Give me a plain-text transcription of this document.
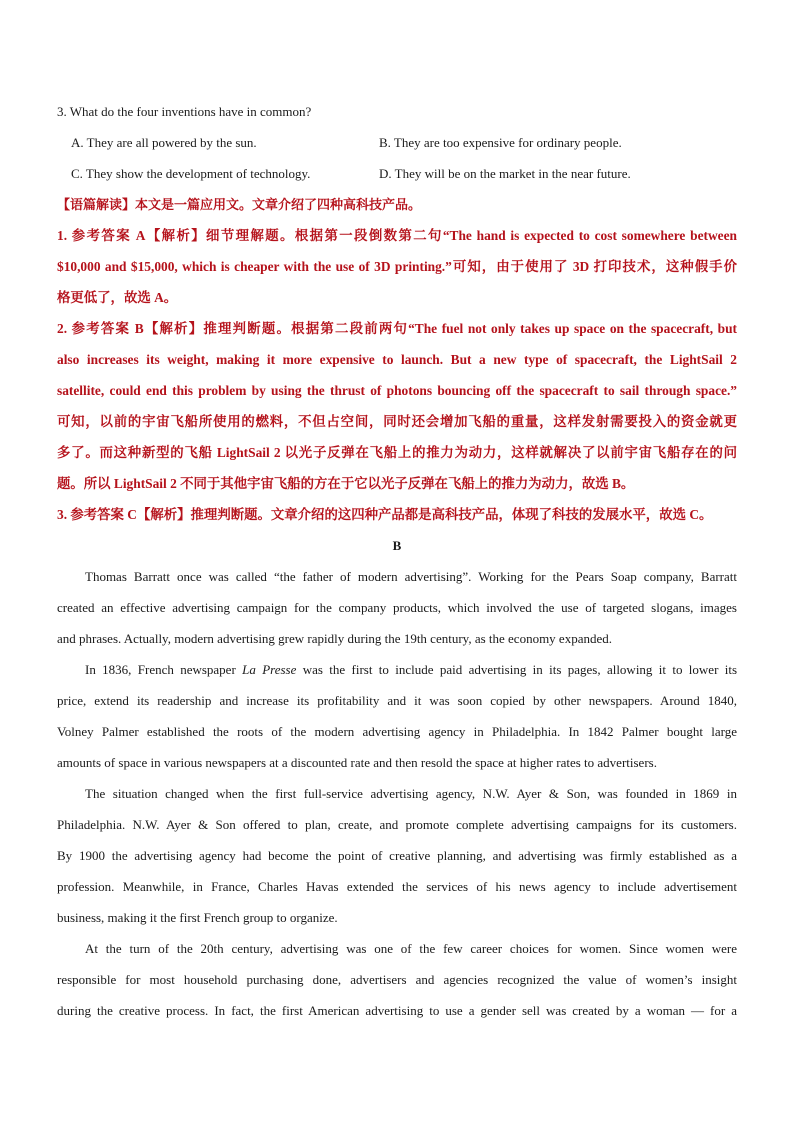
3. What do the four inventions have in common?
A. They are all powered by the sun.	B. They are too expensive for ordinary people.
C. They show the development of technology.	D. They will be on the market in the near future.
【语篇解读】本文是一篇应用文。文章介绍了四种高科技产品。
1. 参考答案 A【解析】细节理解题。根据第一段倒数第二句“The hand is expected to cost somewhere between
$10,000 and $15,000, which is cheaper with the use of 3D printing.”可知，由于使用了 3D 打印技术，这种假手价
格更低了，故选 A。
2. 参考答案 B【解析】推理判断题。根据第二段前两句“The fuel not only takes up space on the spacecraft, but
also increases its weight, making it more expensive to launch. But a new type of spacecraft, the LightSail 2
satellite, could end this problem by using the thrust of photons bouncing off the spacecraft to sail through space.”
可知，以前的宇宙飞船所使用的燃料，不但占空间，同时还会增加飞船的重量，这样发射需要投入的资金就更
多了。而这种新型的飞船 LightSail 2 以光子反弹在飞船上的推力为动力，这样就解决了以前宇宙飞船存在的问
题。所以 LightSail 2 不同于其他宇宙飞船的方在于它以光子反弹在飞船上的推力为动力，故选 B。
3. 参考答案 C【解析】推理判断题。文章介绍的这四种产品都是高科技产品，体现了科技的发展水平，故选 C。
B
Thomas Barratt once was called “the father of modern advertising”. Working for the Pears Soap company, Barratt
created an effective advertising campaign for the company products, which involved the use of targeted slogans, images
and phrases. Actually, modern advertising grew rapidly during the 19th century, as the economy expanded.
In 1836, French newspaper La Presse was the first to include paid advertising in its pages, allowing it to lower its
price, extend its readership and increase its profitability and it was soon copied by other newspapers. Around 1840,
Volney Palmer established the roots of the modern advertising agency in Philadelphia. In 1842 Palmer bought large
amounts of space in various newspapers at a discounted rate and then resold the space at higher rates to advertisers.
The situation changed when the first full-service advertising agency, N.W. Ayer & Son, was founded in 1869 in
Philadelphia. N.W. Ayer & Son offered to plan, create, and promote complete advertising campaigns for its customers.
By 1900 the advertising agency had become the point of creative planning, and advertising was firmly established as a
profession. Meanwhile, in France, Charles Havas extended the services of his news agency to include advertisement
business, making it the first French group to organize.
At the turn of the 20th century, advertising was one of the few career choices for women. Since women were
responsible for most household purchasing done, advertisers and agencies recognized the value of women’s insight
during the creative process. In fact, the first American advertising to use a gender sell was created by a woman — for a
